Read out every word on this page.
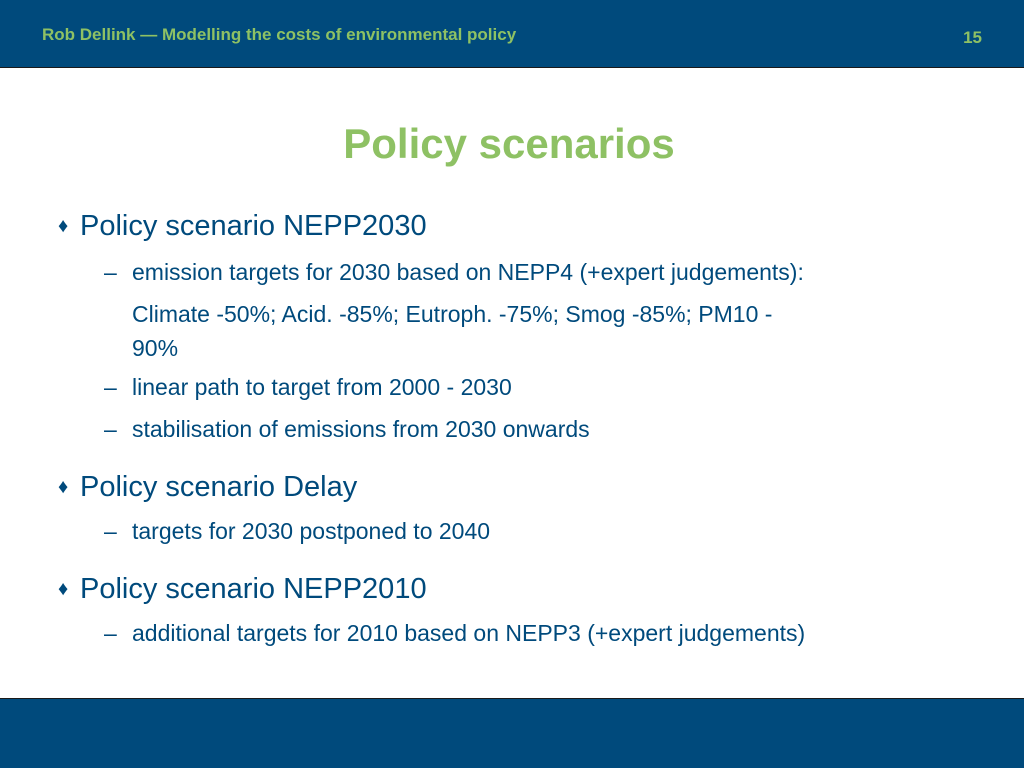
Rob Dellink — Modelling the costs of environmental policy	15
Policy scenarios
♦ Policy scenario NEPP2030
– emission targets for 2030 based on NEPP4 (+expert judgements):
Climate -50%; Acid. -85%; Eutroph. -75%; Smog -85%; PM10 -
90%
– linear path to target from 2000 - 2030
– stabilisation of emissions from 2030 onwards
♦ Policy scenario Delay
– targets for 2030 postponed to 2040
♦ Policy scenario NEPP2010
– additional targets for 2010 based on NEPP3 (+expert judgements)
